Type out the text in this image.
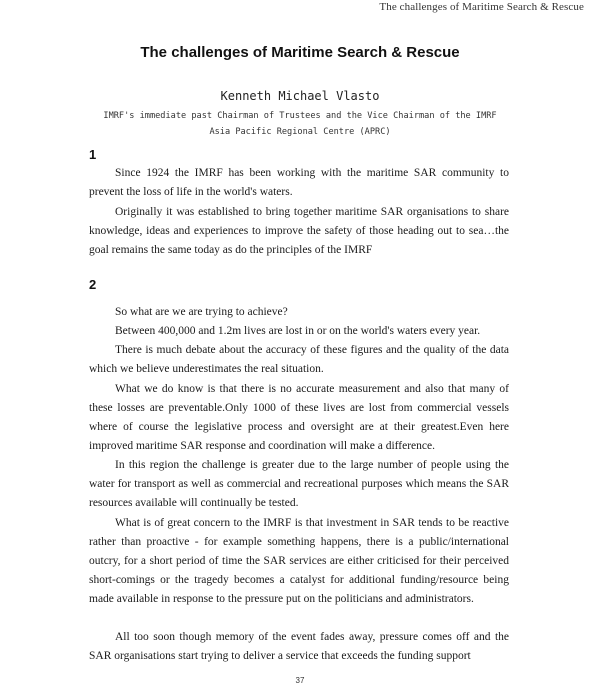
The challenges of Maritime Search & Rescue
The challenges of Maritime Search & Rescue
Kenneth Michael Vlasto
IMRF's immediate past Chairman of Trustees and the Vice Chairman of the IMRF
Asia Pacific Regional Centre (APRC)
1

Since 1924 the IMRF has been working with the maritime SAR community to prevent the loss of life in the world's waters.

Originally it was established to bring together maritime SAR organisations to share knowledge, ideas and experiences to improve the safety of those heading out to sea…the goal remains the same today as do the principles of the IMRF

2

So what are we are trying to achieve?

Between 400,000 and 1.2m lives are lost in or on the world's waters every year.

There is much debate about the accuracy of these figures and the quality of the data which we believe underestimates the real situation.

What we do know is that there is no accurate measurement and also that many of these losses are preventable.Only 1000 of these lives are lost from commercial vessels where of course the legislative process and oversight are at their greatest.Even here improved maritime SAR response and coordination will make a difference.

In this region the challenge is greater due to the large number of people using the water for transport as well as commercial and recreational purposes which means the SAR resources available will continually be tested.

What is of great concern to the IMRF is that investment in SAR tends to be reactive rather than proactive - for example something happens, there is a public/international outcry, for a short period of time the SAR services are either criticised for their perceived short-comings or the tragedy becomes a catalyst for additional funding/resource being made available in response to the pressure put on the politicians and administrators.

All too soon though memory of the event fades away, pressure comes off and the SAR organisations start trying to deliver a service that exceeds the funding support

37
